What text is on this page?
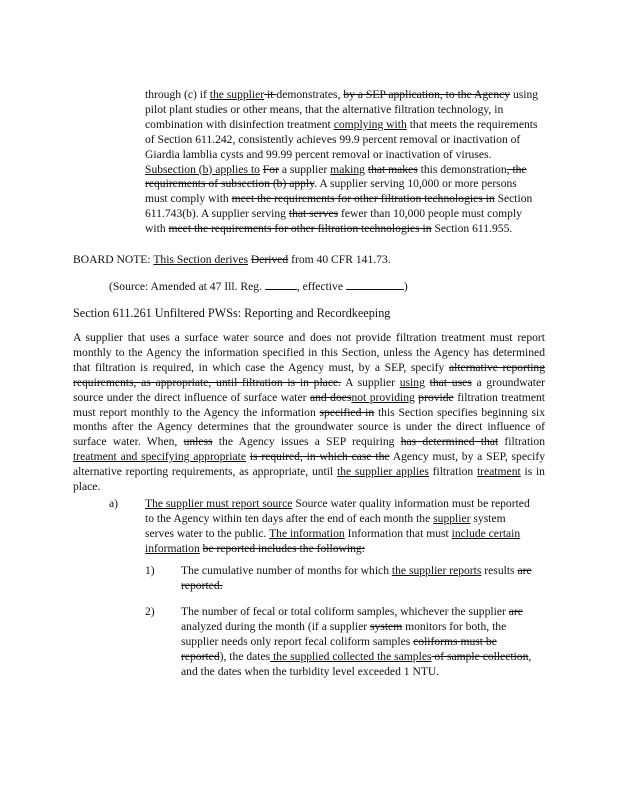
through (c) if the supplier it demonstrates, by a SEP application, to the Agency using pilot plant studies or other means, that the alternative filtration technology, in combination with disinfection treatment complying with that meets the requirements of Section 611.242, consistently achieves 99.9 percent removal or inactivation of Giardia lamblia cysts and 99.99 percent removal or inactivation of viruses. Subsection (b) applies to For a supplier making that makes this demonstration, the requirements of subsection (b) apply. A supplier serving 10,000 or more persons must comply with meet the requirements for other filtration technologies in Section 611.743(b). A supplier serving that serves fewer than 10,000 people must comply with meet the requirements for other filtration technologies in Section 611.955.

BOARD NOTE: This Section derives Derived from 40 CFR 141.73.

(Source: Amended at 47 Ill. Reg.	, effective	)

Section 611.261 Unfiltered PWSs: Reporting and Recordkeeping

A supplier that uses a surface water source and does not provide filtration treatment must report monthly to the Agency the information specified in this Section, unless the Agency has determined that filtration is required, in which case the Agency must, by a SEP, specify alternative reporting requirements, as appropriate, until filtration is in place. A supplier using that uses a groundwater source under the direct influence of surface water and doesnot providing provide filtration treatment must report monthly to the Agency the information specified in this Section specifies beginning six months after the Agency determines that the groundwater source is under the direct influence of surface water. When, unless the Agency issues a SEP requiring has determined that filtration treatment and specifying appropriate is required, in which case the Agency must, by a SEP, specify alternative reporting requirements, as appropriate, until the supplier applies filtration treatment is in place.

a) The supplier must report source Source water quality information must be reported to the Agency within ten days after the end of each month the supplier system serves water to the public. The information Information that must include certain information be reported includes the following:

1) The cumulative number of months for which the supplier reports results are reported.

2) The number of fecal or total coliform samples, whichever the supplier are analyzed during the month (if a supplier system monitors for both, the supplier needs only report fecal coliform samples coliforms must be reported), the dates the supplied collected the samples of sample collection, and the dates when the turbidity level exceeded 1 NTU.
